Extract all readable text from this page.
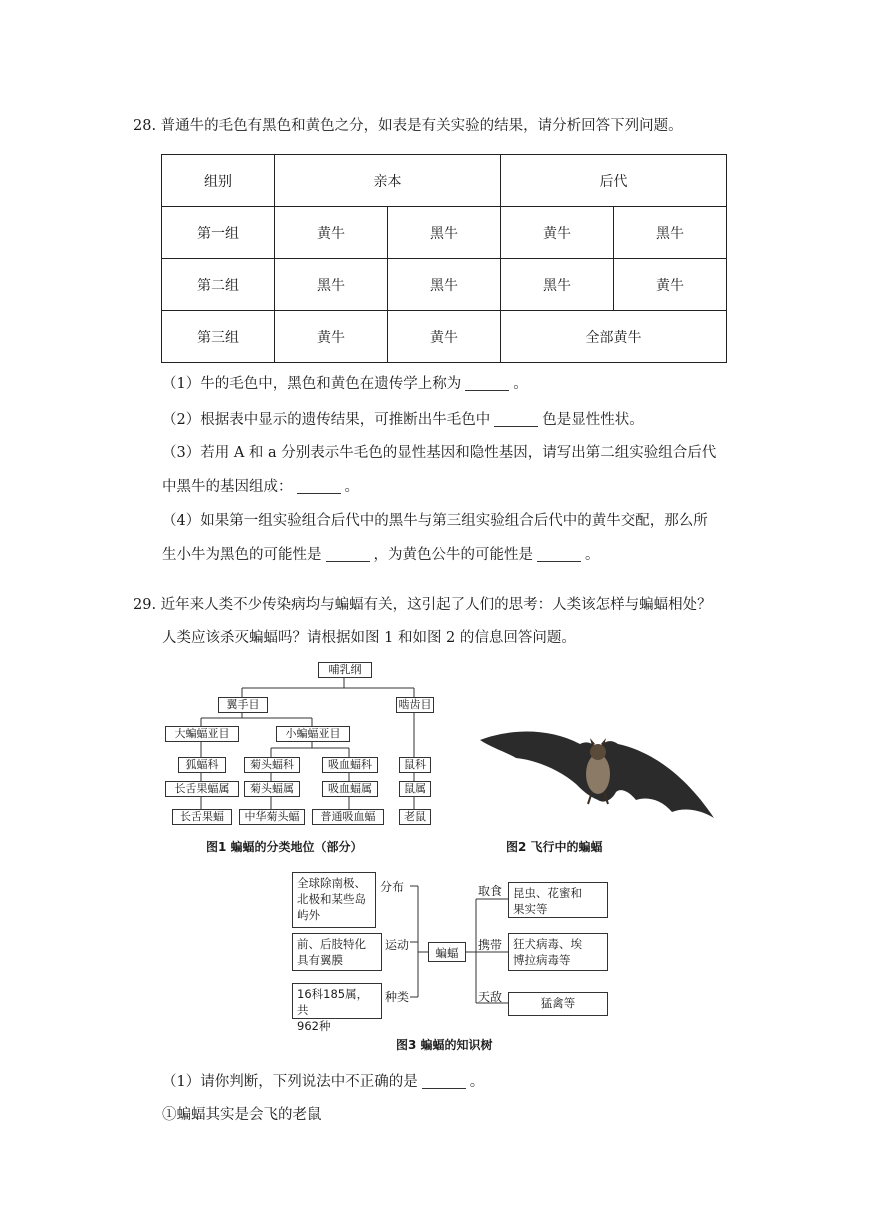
28. 普通牛的毛色有黑色和黄色之分，如表是有关实验的结果，请分析回答下列问题。
组别	亲本		后代	
第一组	黄牛	黑牛	黄牛	黑牛
第二组	黑牛	黑牛	黑牛	黄牛
第三组	黄牛	黄牛	全部黄牛	
（1）牛的毛色中，黑色和黄色在遗传学上称为	。
（2）根据表中显示的遗传结果，可推断出牛毛色中	色是显性性状。
（3）若用 A 和 a 分别表示牛毛色的显性基因和隐性基因，请写出第二组实验组合后代
中黑牛的基因组成：	。
（4）如果第一组实验组合后代中的黑牛与第三组实验组合后代中的黄牛交配，那么所
生小牛为黑色的可能性是	，为黄色公牛的可能性是	。
29. 近年来人类不少传染病均与蝙蝠有关，这引起了人们的思考：人类该怎样与蝙蝠相处？
人类应该杀灭蝙蝠吗？请根据如图 1 和如图 2 的信息回答问题。
哺乳纲
翼手目	啮齿目
大蝙蝠亚目	小蝙蝠亚目
狐蝠科	菊头蝠科	吸血蝠科	鼠科
长舌果蝠属	菊头蝠属	吸血蝠属	鼠属
长舌果蝠	中华菊头蝠	普通吸血蝠	老鼠
图1 蝙蝠的分类地位（部分）	图2 飞行中的蝙蝠
全球除南极、
北极和某些岛
屿外
分布
前、后肢特化
具有翼膜
运动
16科185属，共
962种
种类
蝙蝠
取食 昆虫、花蜜和
果实等
携带 狂犬病毒、埃
博拉病毒等
天敌	猛禽等
图3 蝙蝠的知识树
（1）请你判断，下列说法中不正确的是	。
①蝙蝠其实是会飞的老鼠
